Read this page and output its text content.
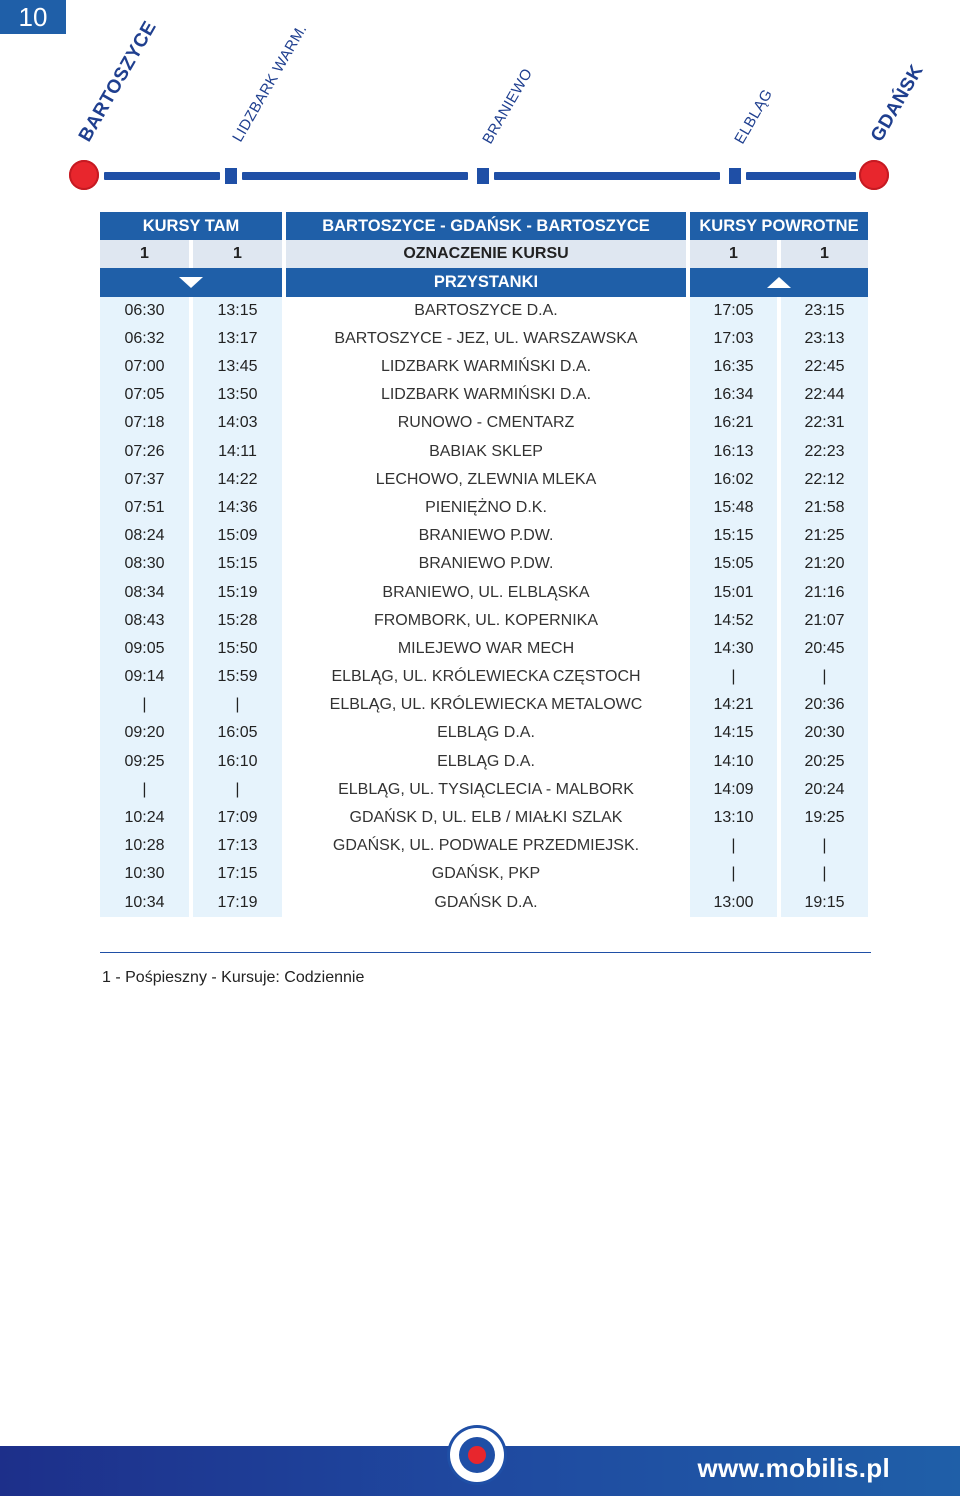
10
BARTOSZYCE	LIDZBARK WARM.	BRANIEWO	ELBLĄG	GDAŃSK
KURSY TAM		BARTOSZYCE - GDAŃSK - BARTOSZYCE	KURSY POWROTNE	
1	1	OZNACZENIE KURSU	1	1
		PRZYSTANKI		
06:30	13:15	BARTOSZYCE D.A.	17:05	23:15
06:32	13:17	BARTOSZYCE - JEZ, UL. WARSZAWSKA	17:03	23:13
07:00	13:45	LIDZBARK WARMIŃSKI D.A.	16:35	22:45
07:05	13:50	LIDZBARK WARMIŃSKI D.A.	16:34	22:44
07:18	14:03	RUNOWO - CMENTARZ	16:21	22:31
07:26	14:11	BABIAK SKLEP	16:13	22:23
07:37	14:22	LECHOWO, ZLEWNIA MLEKA	16:02	22:12
07:51	14:36	PIENIĘŻNO D.K.	15:48	21:58
08:24	15:09	BRANIEWO P.DW.	15:15	21:25
08:30	15:15	BRANIEWO P.DW.	15:05	21:20
08:34	15:19	BRANIEWO, UL. ELBLĄSKA	15:01	21:16
08:43	15:28	FROMBORK, UL. KOPERNIKA	14:52	21:07
09:05	15:50	MILEJEWO WAR MECH	14:30	20:45
09:14	15:59	ELBLĄG, UL. KRÓLEWIECKA CZĘSTOCH	|	|
|	|	ELBLĄG, UL. KRÓLEWIECKA METALOWC	14:21	20:36
09:20	16:05	ELBLĄG D.A.	14:15	20:30
09:25	16:10	ELBLĄG D.A.	14:10	20:25
|	|	ELBLĄG, UL. TYSIĄCLECIA - MALBORK	14:09	20:24
10:24	17:09	GDAŃSK D, UL. ELB / MIAŁKI SZLAK	13:10	19:25
10:28	17:13	GDAŃSK, UL. PODWALE PRZEDMIEJSK.	|	|
10:30	17:15	GDAŃSK, PKP	|	|
10:34	17:19	GDAŃSK D.A.	13:00	19:15
1 - Pośpieszny - Kursuje: Codziennie
www.mobilis.pl
